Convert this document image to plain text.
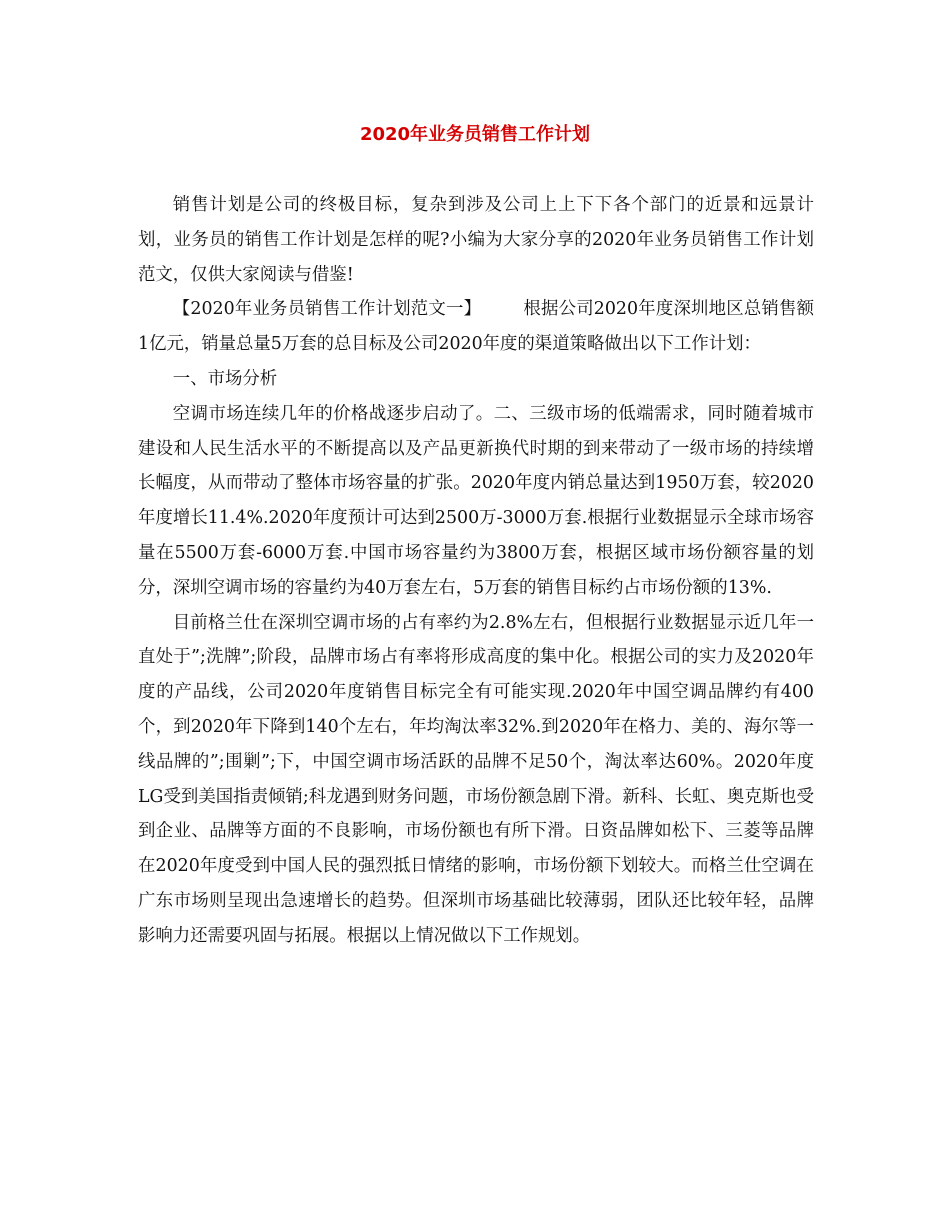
2020年业务员销售工作计划

销售计划是公司的终极目标，复杂到涉及公司上上下下各个部门的近景和远景计划，业务员的销售工作计划是怎样的呢?小编为大家分享的2020年业务员销售工作计划范文，仅供大家阅读与借鉴!

【2020年业务员销售工作计划范文一】 根据公司2020年度深圳地区总销售额1亿元，销量总量5万套的总目标及公司2020年度的渠道策略做出以下工作计划：

一、市场分析

空调市场连续几年的价格战逐步启动了。二、三级市场的低端需求，同时随着城市建设和人民生活水平的不断提高以及产品更新换代时期的到来带动了一级市场的持续增长幅度，从而带动了整体市场容量的扩张。2020年度内销总量达到1950万套，较2020年度增长11.4%.2020年度预计可达到2500万-3000万套.根据行业数据显示全球市场容量在5500万套-6000万套.中国市场容量约为3800万套，根据区域市场份额容量的划分，深圳空调市场的容量约为40万套左右，5万套的销售目标约占市场份额的13%.

目前格兰仕在深圳空调市场的占有率约为2.8%左右，但根据行业数据显示近几年一直处于”;洗牌”;阶段，品牌市场占有率将形成高度的集中化。根据公司的实力及2020年度的产品线，公司2020年度销售目标完全有可能实现.2020年中国空调品牌约有400个，到2020年下降到140个左右，年均淘汰率32%.到2020年在格力、美的、海尔等一线品牌的”;围剿”;下，中国空调市场活跃的品牌不足50个，淘汰率达60%。2020年度LG受到美国指责倾销;科龙遇到财务问题，市场份额急剧下滑。新科、长虹、奥克斯也受到企业、品牌等方面的不良影响，市场份额也有所下滑。日资品牌如松下、三菱等品牌在2020年度受到中国人民的强烈抵日情绪的影响，市场份额下划较大。而格兰仕空调在广东市场则呈现出急速增长的趋势。但深圳市场基础比较薄弱，团队还比较年轻，品牌影响力还需要巩固与拓展。根据以上情况做以下工作规划。
